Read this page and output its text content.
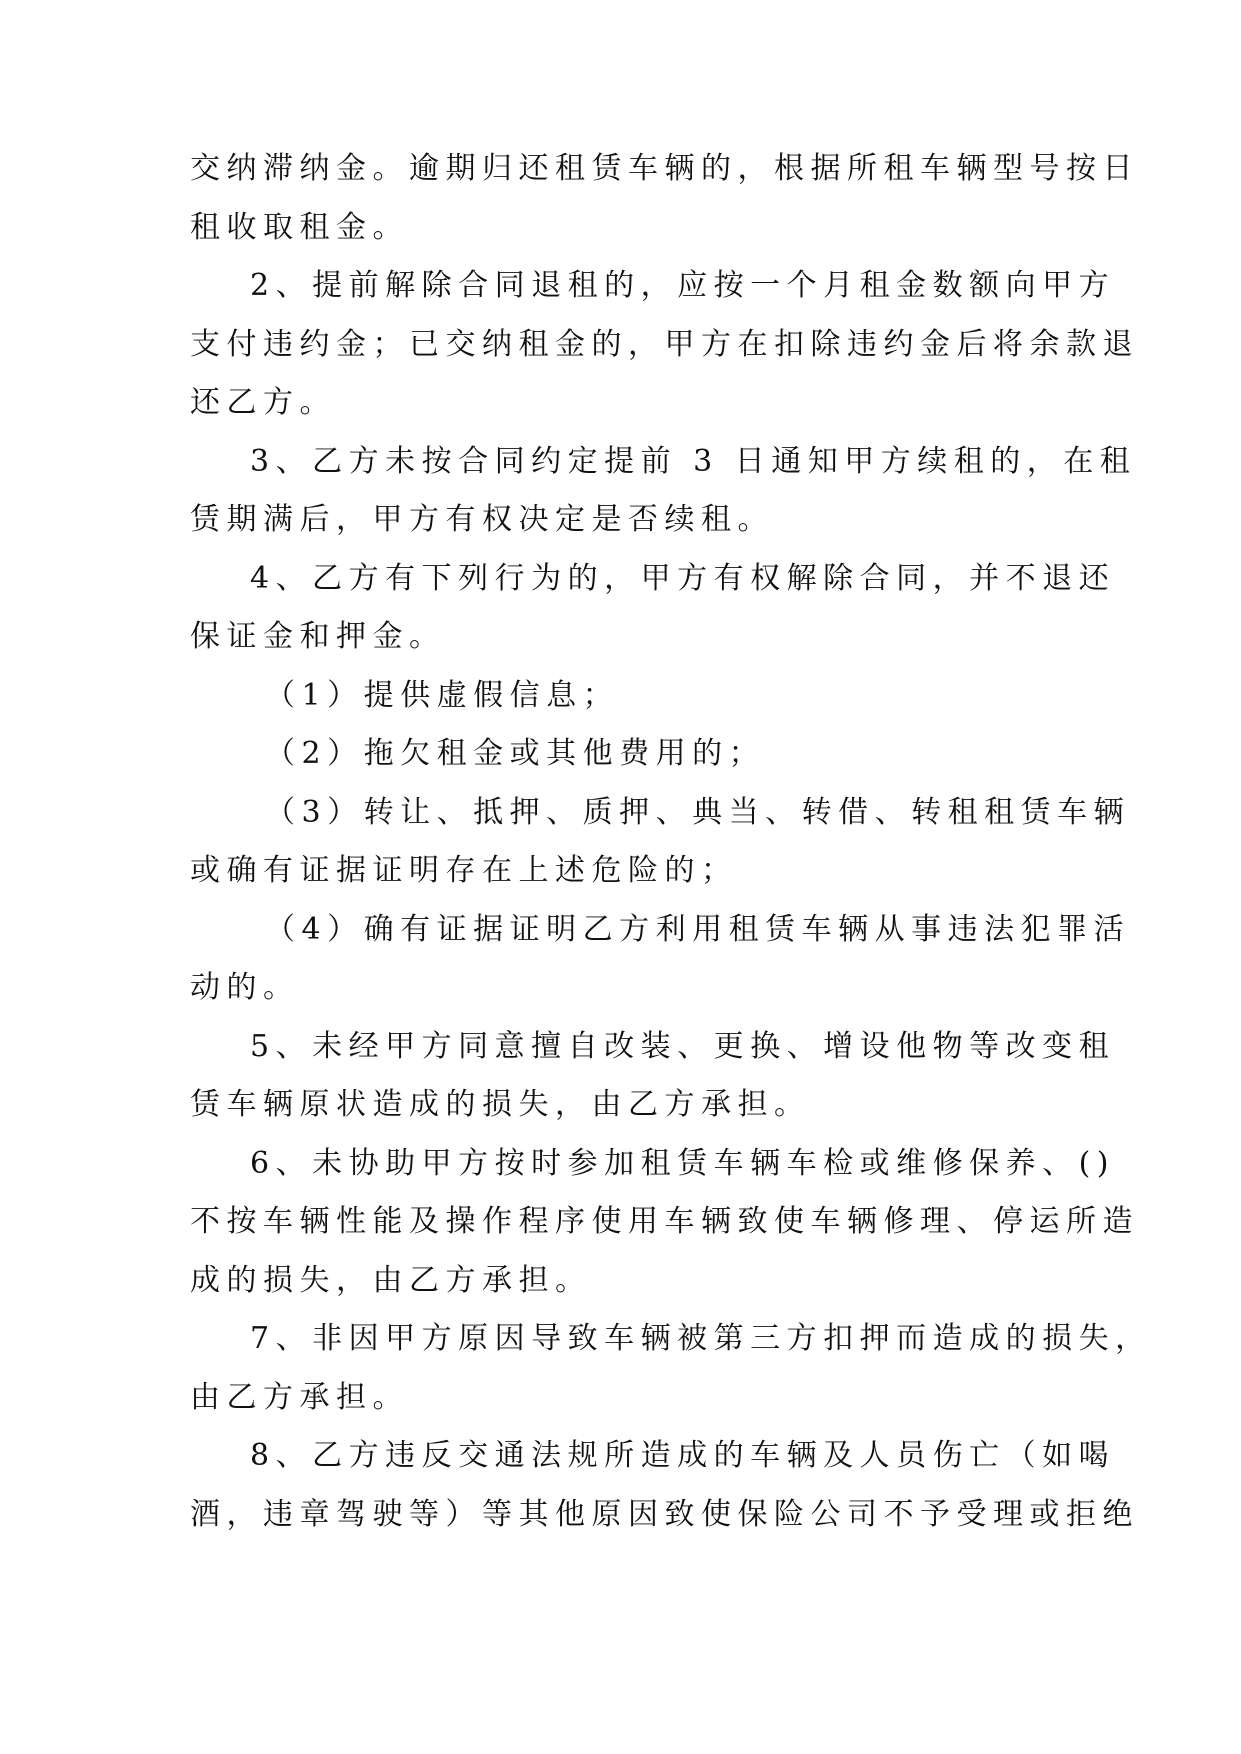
交纳滞纳金。逾期归还租赁车辆的，根据所租车辆型号按日
租收取租金。

2、提前解除合同退租的，应按一个月租金数额向甲方
支付违约金；已交纳租金的，甲方在扣除违约金后将余款退
还乙方。

3、乙方未按合同约定提前 3 日通知甲方续租的，在租
赁期满后，甲方有权决定是否续租。

4、乙方有下列行为的，甲方有权解除合同，并不退还
保证金和押金。

（1）提供虚假信息；

（2）拖欠租金或其他费用的；

（3）转让、抵押、质押、典当、转借、转租租赁车辆
或确有证据证明存在上述危险的；

（4）确有证据证明乙方利用租赁车辆从事违法犯罪活
动的。

5、未经甲方同意擅自改装、更换、增设他物等改变租
赁车辆原状造成的损失，由乙方承担。

6、未协助甲方按时参加租赁车辆车检或维修保养、()
不按车辆性能及操作程序使用车辆致使车辆修理、停运所造
成的损失，由乙方承担。

7、非因甲方原因导致车辆被第三方扣押而造成的损失，
由乙方承担。

8、乙方违反交通法规所造成的车辆及人员伤亡（如喝
酒，违章驾驶等）等其他原因致使保险公司不予受理或拒绝
